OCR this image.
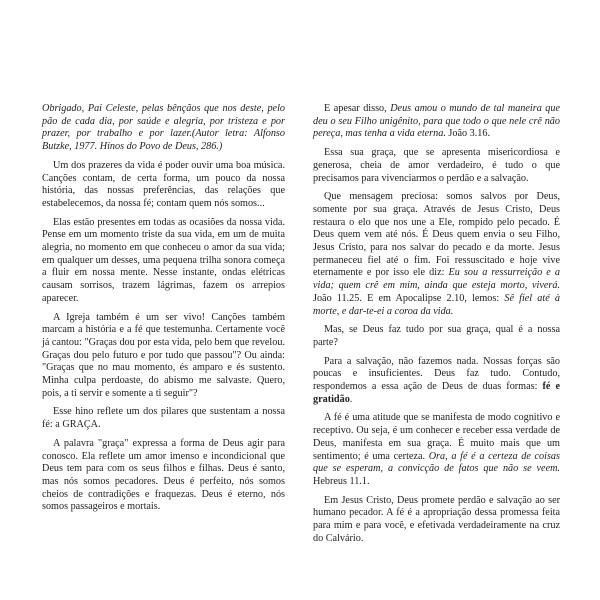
Obrigado, Pai Celeste, pelas bênçãos que nos deste, pelo pão de cada dia, por saúde e alegria, por tristeza e por prazer, por trabalho e por lazer.(Autor letra: Alfonso Butzke, 1977. Hinos do Povo de Deus, 286.)

Um dos prazeres da vida é poder ouvir uma boa música. Canções contam, de certa forma, um pouco da nossa história, das nossas preferências, das relações que estabelecemos, da nossa fé; contam quem nós somos...

Elas estão presentes em todas as ocasiões da nossa vida. Pense em um momento triste da sua vida, em um de muita alegria, no momento em que conheceu o amor da sua vida; em qualquer um desses, uma pequena trilha sonora começa a fluir em nossa mente. Nesse instante, ondas elétricas causam sorrisos, trazem lágrimas, fazem os arrepios aparecer.

A Igreja também é um ser vivo! Canções também marcam a história e a fé que testemunha. Certamente você já cantou: "Graças dou por esta vida, pelo bem que revelou. Graças dou pelo futuro e por tudo que passou"? Ou ainda: "Graças que no mau momento, és amparo e és sustento. Minha culpa perdoaste, do abismo me salvaste. Quero, pois, a ti servir e somente a ti seguir"?

Esse hino reflete um dos pilares que sustentam a nossa fé: a GRAÇA.

A palavra "graça" expressa a forma de Deus agir para conosco. Ela reflete um amor imenso e incondicional que Deus tem para com os seus filhos e filhas. Deus é santo, mas nós somos pecadores. Deus é perfeito, nós somos cheios de contradições e fraquezas. Deus é eterno, nós somos passageiros e mortais.

E apesar disso, Deus amou o mundo de tal maneira que deu o seu Filho unigênito, para que todo o que nele crê não pereça, mas tenha a vida eterna. João 3.16.

Essa sua graça, que se apresenta misericordiosa e generosa, cheia de amor verdadeiro, é tudo o que precisamos para vivenciarmos o perdão e a salvação.

Que mensagem preciosa: somos salvos por Deus, somente por sua graça. Através de Jesus Cristo, Deus restaura o elo que nos une a Ele, rompido pelo pecado. É Deus quem vem até nós. É Deus quem envia o seu Filho, Jesus Cristo, para nos salvar do pecado e da morte. Jesus permaneceu fiel até o fim. Foi ressuscitado e hoje vive eternamente e por isso ele diz: Eu sou a ressurreição e a vida; quem crê em mim, ainda que esteja morto, viverá. João 11.25. E em Apocalipse 2.10, lemos: Sê fiel até à morte, e dar-te-ei a coroa da vida.

Mas, se Deus faz tudo por sua graça, qual é a nossa parte?

Para a salvação, não fazemos nada. Nossas forças são poucas e insuficientes. Deus faz tudo. Contudo, respondemos a essa ação de Deus de duas formas: fé e gratidão.

A fé é uma atitude que se manifesta de modo cognitivo e receptivo. Ou seja, é um conhecer e receber essa verdade de Deus, manifesta em sua graça. É muito mais que um sentimento; é uma certeza. Ora, a fé é a certeza de coisas que se esperam, a convicção de fatos que não se veem. Hebreus 11.1.

Em Jesus Cristo, Deus promete perdão e salvação ao ser humano pecador. A fé é a apropriação dessa promessa feita para mim e para você, e efetivada verdadeiramente na cruz do Calvário.
